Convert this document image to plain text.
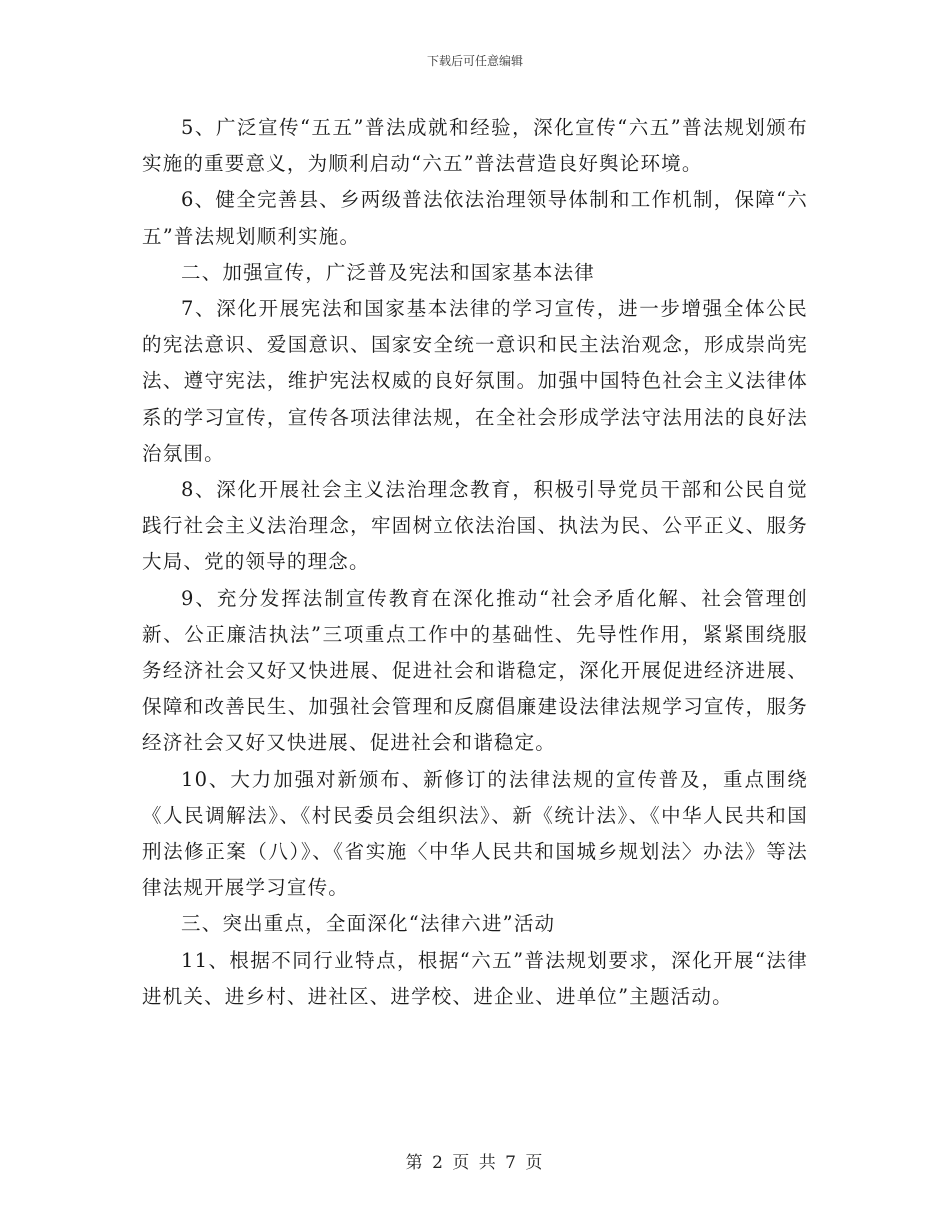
下载后可任意编辑

5、广泛宣传“五五”普法成就和经验，深化宣传“六五”普法规划颁布实施的重要意义，为顺利启动“六五”普法营造良好舆论环境。

6、健全完善县、乡两级普法依法治理领导体制和工作机制，保障“六五”普法规划顺利实施。

二、加强宣传，广泛普及宪法和国家基本法律

7、深化开展宪法和国家基本法律的学习宣传，进一步增强全体公民的宪法意识、爱国意识、国家安全统一意识和民主法治观念，形成崇尚宪法、遵守宪法，维护宪法权威的良好氛围。加强中国特色社会主义法律体系的学习宣传，宣传各项法律法规，在全社会形成学法守法用法的良好法治氛围。

8、深化开展社会主义法治理念教育，积极引导党员干部和公民自觉践行社会主义法治理念，牢固树立依法治国、执法为民、公平正义、服务大局、党的领导的理念。

9、充分发挥法制宣传教育在深化推动“社会矛盾化解、社会管理创新、公正廉洁执法”三项重点工作中的基础性、先导性作用，紧紧围绕服务经济社会又好又快进展、促进社会和谐稳定，深化开展促进经济进展、保障和改善民生、加强社会管理和反腐倡廉建设法律法规学习宣传，服务经济社会又好又快进展、促进社会和谐稳定。

10、大力加强对新颁布、新修订的法律法规的宣传普及，重点围绕《人民调解法》、《村民委员会组织法》、新《统计法》、《中华人民共和国刑法修正案（八）》、《省实施〈中华人民共和国城乡规划法〉办法》等法律法规开展学习宣传。

三、突出重点，全面深化“法律六进”活动

11、根据不同行业特点，根据“六五”普法规划要求，深化开展“法律进机关、进乡村、进社区、进学校、进企业、进单位”主题活动。

第 2 页 共 7 页
